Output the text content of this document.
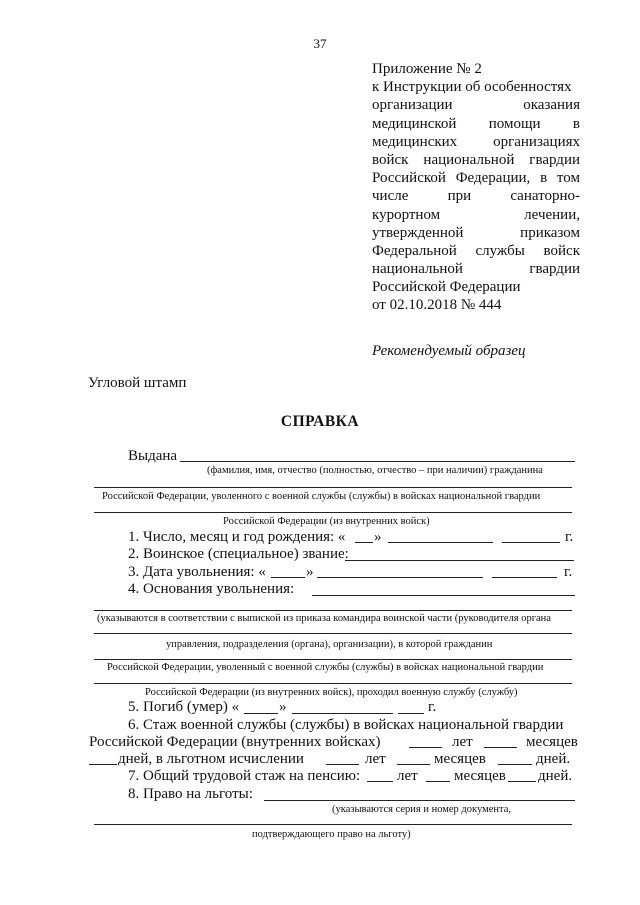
37
Приложение № 2
к Инструкции об особенностях
организации оказания
медицинской помощи в
медицинских организациях
войск национальной гвардии
Российской Федерации, в том
числе при санаторно-
курортном лечении,
утвержденной приказом
Федеральной службы войск
национальной гвардии
Российской Федерации
от 02.10.2018 № 444
Рекомендуемый образец
Угловой штамп
СПРАВКА
Выдана
(фамилия, имя, отчество (полностью, отчество – при наличии) гражданина
Российской Федерации, уволенного с военной службы (службы) в войсках национальной гвардии
Российской Федерации (из внутренних войск)
1. Число, месяц и год рождения: « »	г.
2. Воинское (специальное) звание:
3. Дата увольнения: «	»	г.
4. Основания увольнения:
(указываются в соответствии с выпиской из приказа командира воинской части (руководителя органа
управления, подразделения (органа), организации), в которой гражданин
Российской Федерации, уволенный с военной службы (службы) в войсках национальной гвардии
Российской Федерации (из внутренних войск), проходил военную службу (службу)
5. Погиб (умер) «	»	г.
6. Стаж военной службы (службы) в войсках национальной гвардии
Российской Федерации (внутренних войсках)	лет	месяцев
дней, в льготном исчислении	лет	месяцев	дней.
7. Общий трудовой стаж на пенсию: лет месяцев дней.
8. Право на льготы:
(указываются серия и номер документа,
подтверждающего право на льготу)
